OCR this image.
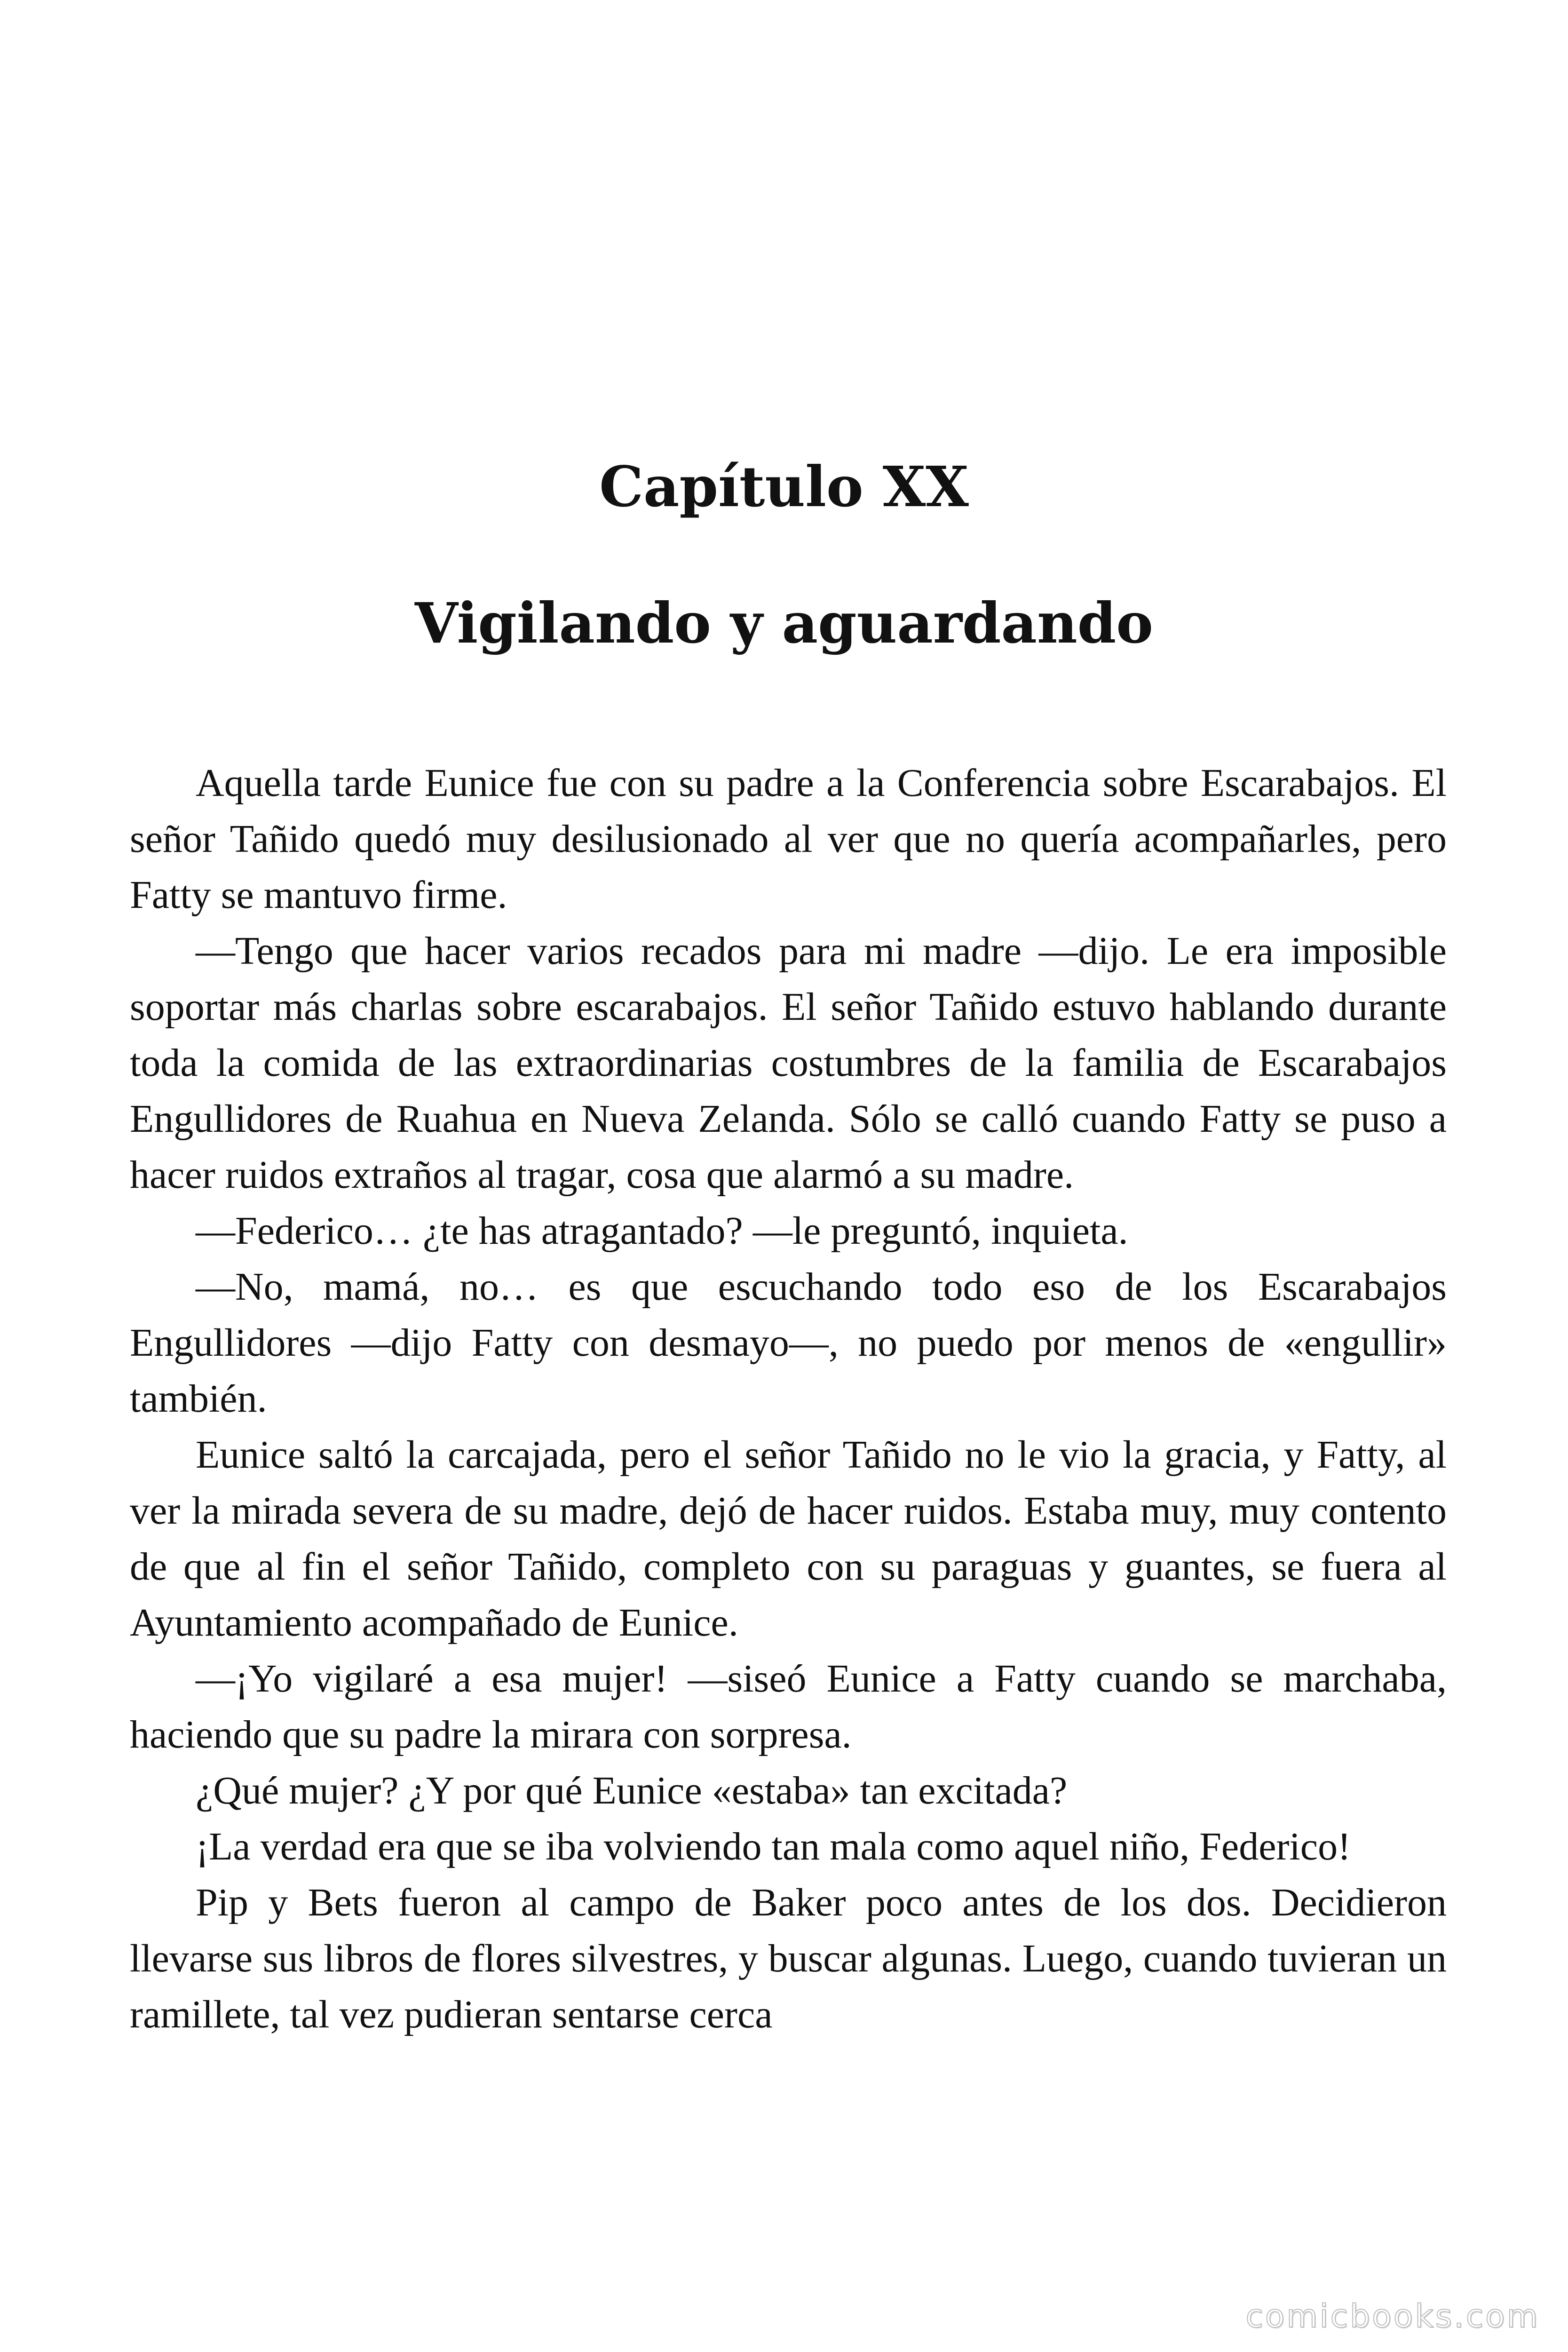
Capítulo XX
Vigilando y aguardando

Aquella tarde Eunice fue con su padre a la Conferencia sobre Escarabajos. El señor Tañido quedó muy desilusionado al ver que no quería acompañarles, pero Fatty se mantuvo firme.

—Tengo que hacer varios recados para mi madre —dijo. Le era imposible soportar más charlas sobre escarabajos. El señor Tañido estuvo hablando durante toda la comida de las extraordinarias costumbres de la familia de Escarabajos Engullidores de Ruahua en Nueva Zelanda. Sólo se calló cuando Fatty se puso a hacer ruidos extraños al tragar, cosa que alarmó a su madre.

—Federico… ¿te has atragantado? —le preguntó, inquieta.

—No, mamá, no… es que escuchando todo eso de los Escarabajos Engullidores —dijo Fatty con desmayo—, no puedo por menos de «engullir» también.

Eunice saltó la carcajada, pero el señor Tañido no le vio la gracia, y Fatty, al ver la mirada severa de su madre, dejó de hacer ruidos. Estaba muy, muy contento de que al fin el señor Tañido, completo con su paraguas y guantes, se fuera al Ayuntamiento acompañado de Eunice.

—¡Yo vigilaré a esa mujer! —siseó Eunice a Fatty cuando se marchaba, haciendo que su padre la mirara con sorpresa.

¿Qué mujer? ¿Y por qué Eunice «estaba» tan excitada?

¡La verdad era que se iba volviendo tan mala como aquel niño, Federico!

Pip y Bets fueron al campo de Baker poco antes de los dos. Decidieron llevarse sus libros de flores silvestres, y buscar algunas. Luego, cuando tuvieran un ramillete, tal vez pudieran sentarse cerca

comicbooks.com
